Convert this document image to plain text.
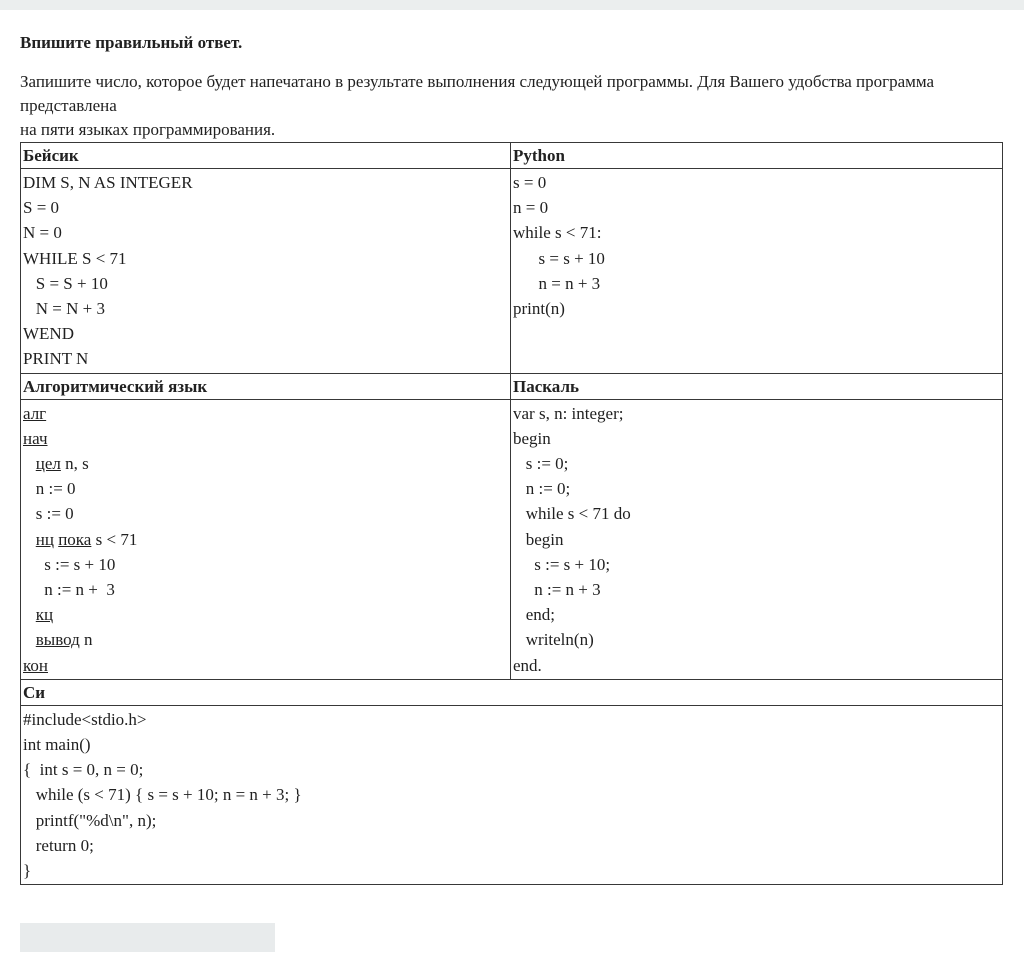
Впишите правильный ответ.

Запишите число, которое будет напечатано в результате выполнения следующей программы. Для Вашего удобства программа
представлена
на пяти языках программирования.
Бейсик	Python

DIM S, N AS INTEGER
S = 0
N = 0
WHILE S < 71
S = S + 10
N = N + 3
WEND
PRINT N

s = 0
n = 0
while s < 71:
s = s + 10
n = n + 3
print(n)

Алгоритмический язык	Паскаль

алг
нач
цел n, s
n := 0
s := 0
нц пока s < 71
s := s + 10
n := n +  3
кц
вывод n
кон

var s, n: integer;
begin
s := 0;
n := 0;
while s < 71 do
begin
s := s + 10;
n := n + 3
end;
writeln(n)
end.

Си	

#include<stdio.h>
int main()
{  int s = 0, n = 0;
while (s < 71) { s = s + 10; n = n + 3; }
printf("%d\n", n);
return 0;
}
